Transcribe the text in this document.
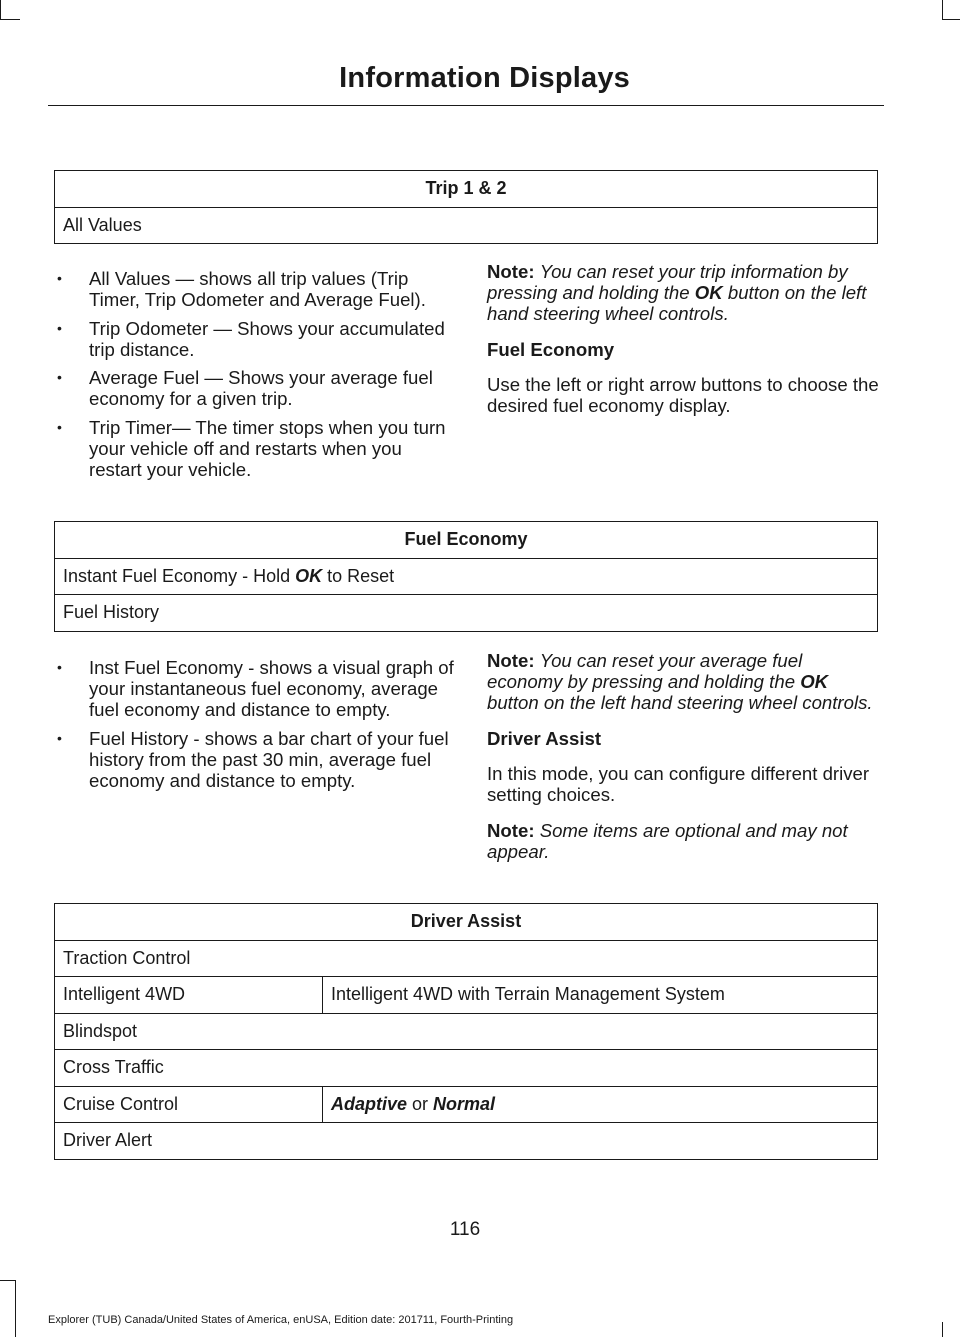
Information Displays
Trip 1 & 2
All Values
• All Values — shows all trip values (Trip Timer, Trip Odometer and Average Fuel).
• Trip Odometer — Shows your accumulated trip distance.
• Average Fuel — Shows your average fuel economy for a given trip.
• Trip Timer— The timer stops when you turn your vehicle off and restarts when you restart your vehicle.

Note: You can reset your trip information by pressing and holding the OK button on the left hand steering wheel controls.

Fuel Economy

Use the left or right arrow buttons to choose the desired fuel economy display.

Fuel Economy
Instant Fuel Economy - Hold OK to Reset
Fuel History
• Inst Fuel Economy - shows a visual graph of your instantaneous fuel economy, average fuel economy and distance to empty.
• Fuel History - shows a bar chart of your fuel history from the past 30 min, average fuel economy and distance to empty.

Note: You can reset your average fuel economy by pressing and holding the OK button on the left hand steering wheel controls.

Driver Assist

In this mode, you can configure different driver setting choices.

Note: Some items are optional and may not appear.

Driver Assist	
Traction Control	
Intelligent 4WD	Intelligent 4WD with Terrain Management System
Blindspot	
Cross Traffic	
Cruise Control	Adaptive or Normal
Driver Alert	
116
Explorer (TUB) Canada/United States of America, enUSA, Edition date: 201711, Fourth-Printing
